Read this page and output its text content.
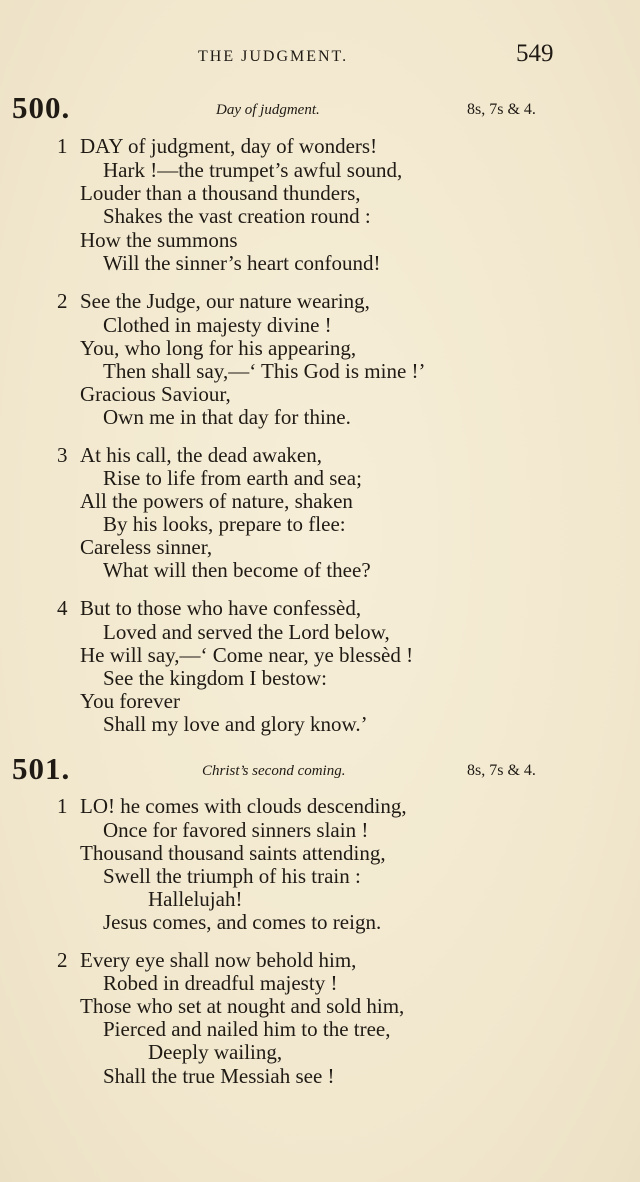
THE JUDGMENT.	549
500.	Day of judgment.	8s, 7s & 4.
1 DAY of judgment, day of wonders!
Hark !—the trumpet’s awful sound,
Louder than a thousand thunders,
Shakes the vast creation round :
How the summons
Will the sinner’s heart confound!
2 See the Judge, our nature wearing,
Clothed in majesty divine !
You, who long for his appearing,
Then shall say,—‘ This God is mine !’
Gracious Saviour,
Own me in that day for thine.
3 At his call, the dead awaken,
Rise to life from earth and sea;
All the powers of nature, shaken
By his looks, prepare to flee:
Careless sinner,
What will then become of thee?
4 But to those who have confessèd,
Loved and served the Lord below,
He will say,—‘ Come near, ye blessèd !
See the kingdom I bestow:
You forever
Shall my love and glory know.’
501.	Christ’s second coming.	8s, 7s & 4.
1 LO! he comes with clouds descending,
Once for favored sinners slain !
Thousand thousand saints attending,
Swell the triumph of his train :
Hallelujah!
Jesus comes, and comes to reign.
2 Every eye shall now behold him,
Robed in dreadful majesty !
Those who set at nought and sold him,
Pierced and nailed him to the tree,
Deeply wailing,
Shall the true Messiah see !
